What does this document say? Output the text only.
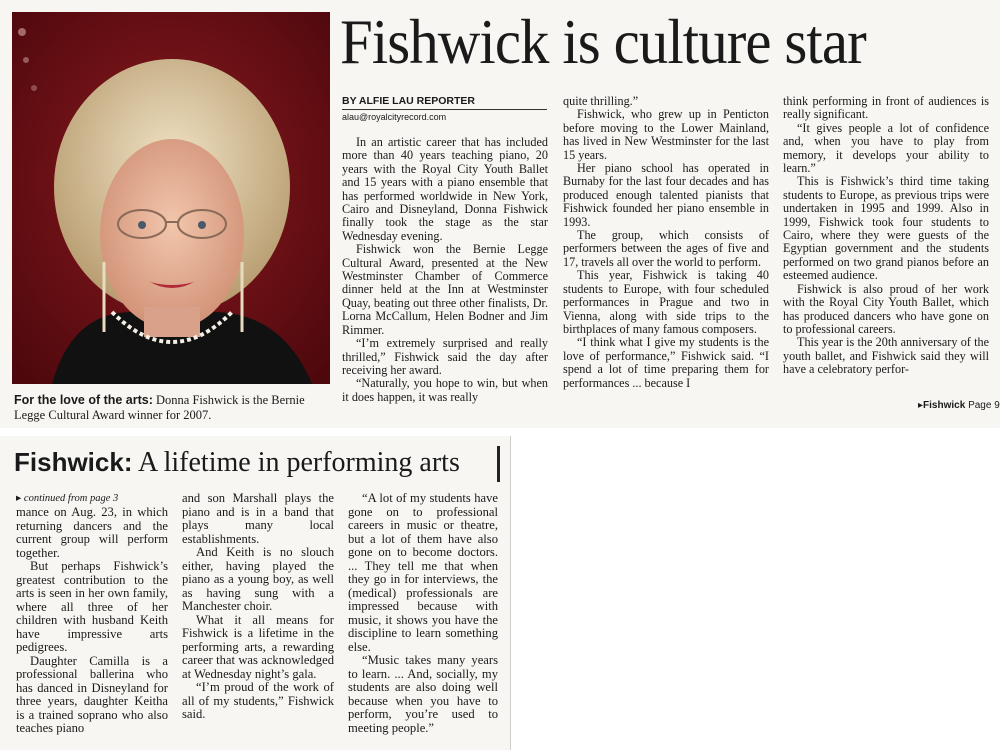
For the love of the arts: Donna Fishwick is the Bernie Legge Cultural Award winner for 2007.
Fishwick is culture star
BY ALFIE LAU REPORTER
alau@royalcityrecord.com

In an artistic career that has included more than 40 years teaching piano, 20 years with the Royal City Youth Ballet and 15 years with a piano ensemble that has performed worldwide in New York, Cairo and Disneyland, Donna Fishwick finally took the stage as the star Wednesday evening.

Fishwick won the Bernie Legge Cultural Award, presented at the New Westminster Chamber of Commerce dinner held at the Inn at Westminster Quay, beating out three other finalists, Dr. Lorna McCallum, Helen Bodner and Jim Rimmer.

“I’m extremely surprised and really thrilled,” Fishwick said the day after receiving her award.

“Naturally, you hope to win, but when it does happen, it was really

quite thrilling.”

Fishwick, who grew up in Penticton before moving to the Lower Mainland, has lived in New Westminster for the last 15 years.

Her piano school has operated in Burnaby for the last four decades and has produced enough talented pianists that Fishwick founded her piano ensemble in 1993.

The group, which consists of performers between the ages of five and 17, travels all over the world to perform.

This year, Fishwick is taking 40 students to Europe, with four scheduled performances in Prague and two in Vienna, along with side trips to the birthplaces of many famous composers.

“I think what I give my students is the love of performance,” Fishwick said. “I spend a lot of time preparing them for performances ... because I

think performing in front of audiences is really significant.

“It gives people a lot of confidence and, when you have to play from memory, it develops your ability to learn.”

This is Fishwick’s third time taking students to Europe, as previous trips were undertaken in 1995 and 1999. Also in 1999, Fishwick took four students to Cairo, where they were guests of the Egyptian government and the students performed on two grand pianos before an esteemed audience.

Fishwick is also proud of her work with the Royal City Youth Ballet, which has produced dancers who have gone on to professional careers.

This year is the 20th anniversary of the youth ballet, and Fishwick said they will have a celebratory perfor-

▸Fishwick Page 9
Fishwick: A lifetime in performing arts
▸ continued from page 3

mance on Aug. 23, in which returning dancers and the current group will perform together.

But perhaps Fishwick’s greatest contribution to the arts is seen in her own family, where all three of her children with husband Keith have impressive arts pedigrees.

Daughter Camilla is a professional ballerina who has danced in Disneyland for three years, daughter Keitha is a trained soprano who also teaches piano

and son Marshall plays the piano and is in a band that plays many local establishments.

And Keith is no slouch either, having played the piano as a young boy, as well as having sung with a Manchester choir.

What it all means for Fishwick is a lifetime in the performing arts, a rewarding career that was acknowledged at Wednesday night’s gala.

“I’m proud of the work of all of my students,” Fishwick said.

“A lot of my students have gone on to professional careers in music or theatre, but a lot of them have also gone on to become doctors. ... They tell me that when they go in for interviews, the (medical) professionals are impressed because with music, it shows you have the discipline to learn something else.

“Music takes many years to learn. ... And, socially, my students are also doing well because when you have to perform, you’re used to meeting people.”
